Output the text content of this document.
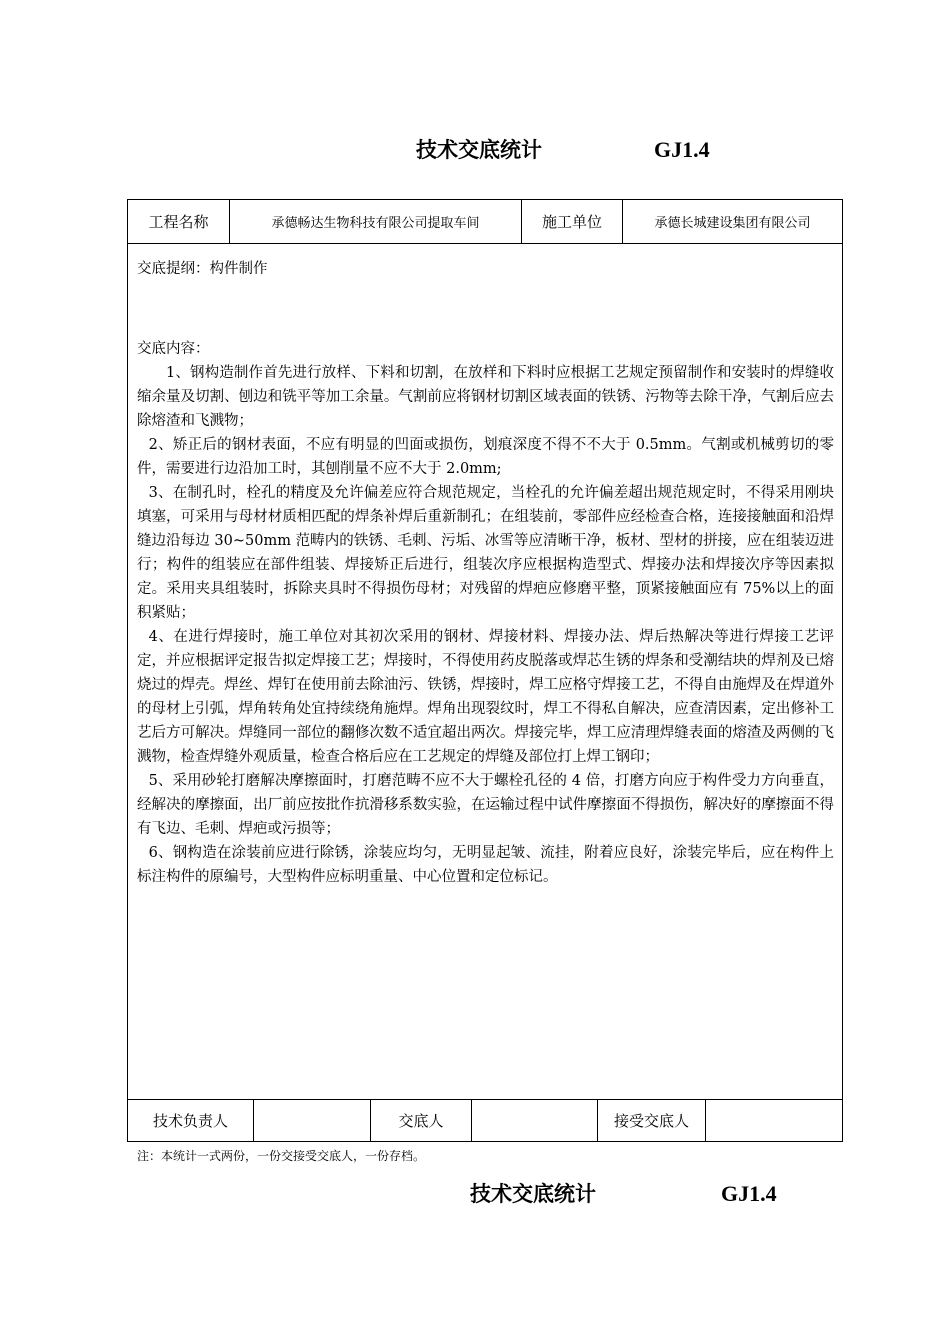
技术交底统计	GJ1.4
工程名称	承德畅达生物科技有限公司提取车间	施工单位	承德长城建设集团有限公司

交底提纲：构件制作

交底内容：

1、钢构造制作首先进行放样、下料和切割，在放样和下料时应根据工艺规定预留制作和安装时的焊缝收缩余量及切割、刨边和铣平等加工余量。气割前应将钢材切割区域表面的铁锈、污物等去除干净，气割后应去除熔渣和飞溅物；

2、矫正后的钢材表面，不应有明显的凹面或损伤，划痕深度不得不不大于 0.5mm。气割或机械剪切的零件，需要进行边沿加工时，其刨削量不应不大于 2.0mm;

3、在制孔时，栓孔的精度及允许偏差应符合规范规定，当栓孔的允许偏差超出规范规定时，不得采用刚块填塞，可采用与母材材质相匹配的焊条补焊后重新制孔；在组装前，零部件应经检查合格，连接接触面和沿焊缝边沿每边 30~50mm 范畴内的铁锈、毛刺、污垢、冰雪等应清晰干净，板材、型材的拼接，应在组装迈进行；构件的组装应在部件组装、焊接矫正后进行，组装次序应根据构造型式、焊接办法和焊接次序等因素拟定。采用夹具组装时，拆除夹具时不得损伤母材；对残留的焊疤应修磨平整，顶紧接触面应有 75%以上的面积紧贴；

4、在进行焊接时，施工单位对其初次采用的钢材、焊接材料、焊接办法、焊后热解决等进行焊接工艺评定，并应根据评定报告拟定焊接工艺；焊接时，不得使用药皮脱落或焊芯生锈的焊条和受潮结块的焊剂及已熔烧过的焊壳。焊丝、焊钉在使用前去除油污、铁锈，焊接时，焊工应格守焊接工艺，不得自由施焊及在焊道外的母材上引弧，焊角转角处宜持续绕角施焊。焊角出现裂纹时，焊工不得私自解决，应查清因素，定出修补工艺后方可解决。焊缝同一部位的翻修次数不适宜超出两次。焊接完毕，焊工应清理焊缝表面的熔渣及两侧的飞溅物，检查焊缝外观质量，检查合格后应在工艺规定的焊缝及部位打上焊工钢印；

5、采用砂轮打磨解决摩擦面时，打磨范畴不应不大于螺栓孔径的 4 倍，打磨方向应于构件受力方向垂直，经解决的摩擦面，出厂前应按批作抗滑移系数实验，在运输过程中试件摩擦面不得损伤，解决好的摩擦面不得有飞边、毛刺、焊疤或污损等；

6、钢构造在涂装前应进行除锈，涂装应均匀，无明显起皱、流挂，附着应良好，涂装完毕后，应在构件上标注构件的原编号，大型构件应标明重量、中心位置和定位标记。

技术负责人	交底人	接受交底人
注：本统计一式两份，一份交接受交底人，一份存档。
技术交底统计	GJ1.4
